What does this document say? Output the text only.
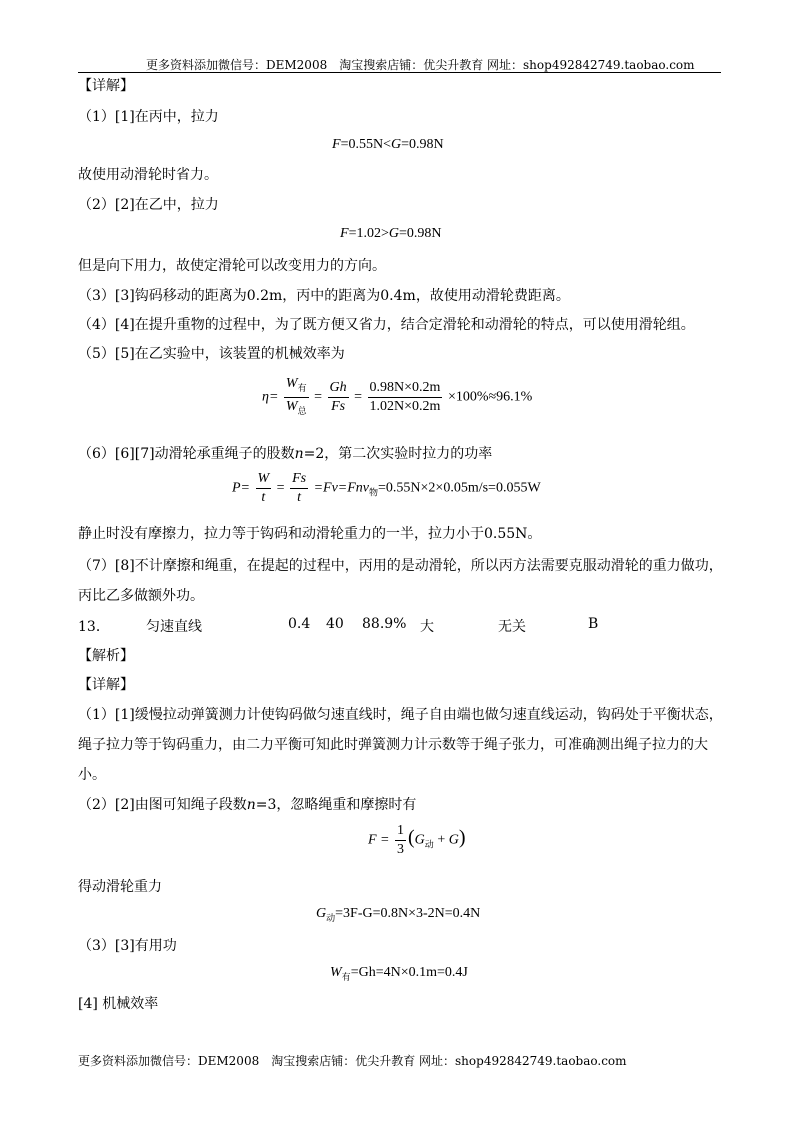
更多资料添加微信号：DEM2008　淘宝搜索店铺：优尖升教育 网址：shop492842749.taobao.com
【详解】
（1）[1]在丙中，拉力
F=0.55N<G=0.98N
故使用动滑轮时省力。
（2）[2]在乙中，拉力
F=1.02>G=0.98N
但是向下用力，故使定滑轮可以改变用力的方向。
（3）[3]钩码移动的距离为0.2m，丙中的距离为0.4m，故使用动滑轮费距离。
（4）[4]在提升重物的过程中，为了既方便又省力，结合定滑轮和动滑轮的特点，可以使用滑轮组。
（5）[5]在乙实验中，该装置的机械效率为
$\eta= \frac{W_有}{W_总} = \frac{Gh}{Fs} = \frac{0.98N\times 0.2m}{1.02N\times 0.2m} \times 100\%\approx 96.1\%$
（6）[6][7]动滑轮承重绳子的股数n=2，第二次实验时拉力的功率
$P= \frac{W}{t} = \frac{Fs}{t} =Fv=Fnv_物=0.55N\times 2\times 0.05m/s=0.055W$
静止时没有摩擦力，拉力等于钩码和动滑轮重力的一半，拉力小于0.55N。
（7）[8]不计摩擦和绳重，在提起的过程中，丙用的是动滑轮，所以丙方法需要克服动滑轮的重力做功，
丙比乙多做额外功。
13．	匀速直线	0.4 40 88.9% 大	无关	B
【解析】
【详解】
（1）[1]缓慢拉动弹簧测力计使钩码做匀速直线时，绳子自由端也做匀速直线运动，钩码处于平衡状态，
绳子拉力等于钩码重力，由二力平衡可知此时弹簧测力计示数等于绳子张力，可准确测出绳子拉力的大
小。
（2）[2]由图可知绳子段数n=3，忽略绳重和摩擦时有
$F = \frac{1}{3} (G_动 + G)$
得动滑轮重力
$G_动=3F-G=0.8N\times 3-2N=0.4N$
（3）[3]有用功
$W_有=Gh=4N\times 0.1m=0.4J$
[4] 机械效率
更多资料添加微信号：DEM2008　淘宝搜索店铺：优尖升教育 网址：shop492842749.taobao.com
